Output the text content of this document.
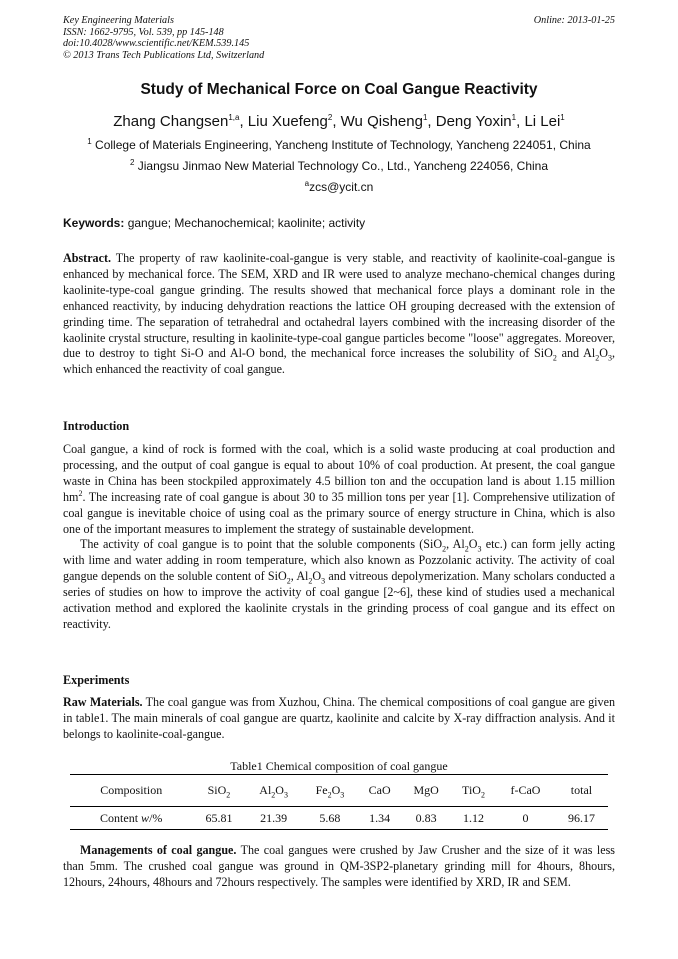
Key Engineering Materials
ISSN: 1662-9795, Vol. 539, pp 145-148
doi:10.4028/www.scientific.net/KEM.539.145
© 2013 Trans Tech Publications Ltd, Switzerland
Online: 2013-01-25
Study of Mechanical Force on Coal Gangue Reactivity
Zhang Changsen$^{1,a}$, Liu Xuefeng$^2$, Wu Qisheng$^1$, Deng Yoxin$^1$, Li Lei$^1$
$^1$ College of Materials Engineering, Yancheng Institute of Technology, Yancheng 224051, China
$^2$ Jiangsu Jinmao New Material Technology Co., Ltd., Yancheng 224056, China
$^a$zcs@ycit.cn
Keywords: gangue; Mechanochemical; kaolinite; activity
Abstract. The property of raw kaolinite-coal-gangue is very stable, and reactivity of kaolinite-coal-gangue is enhanced by mechanical force. The SEM, XRD and IR were used to analyze mechano-chemical changes during kaolinite-type-coal gangue grinding. The results showed that mechanical force plays a dominant role in the enhanced reactivity, by inducing dehydration reactions the lattice OH grouping decreased with the extension of grinding time. The separation of tetrahedral and octahedral layers combined with the increasing disorder of the kaolinite crystal structure, resulting in kaolinite-type-coal gangue particles become "loose" aggregates. Moreover, due to destroy to tight Si-O and Al-O bond, the mechanical force increases the solubility of SiO$_2$ and $Al_2O_3$, which enhanced the reactivity of coal gangue.
Introduction
Coal gangue, a kind of rock is formed with the coal, which is a solid waste producing at coal production and processing, and the output of coal gangue is equal to about 10% of coal production. At present, the coal gangue waste in China has been stockpiled approximately 4.5 billion ton and the occupation land is about 1.15 million $hm^2$. The increasing rate of coal gangue is about 30 to 35 million tons per year [1]. Comprehensive utilization of coal gangue is inevitable choice of using coal as the primary source of energy structure in China, which is also one of the important measures to implement the strategy of sustainable development.
The activity of coal gangue is to point that the soluble components (SiO$_2$, $Al_2O_3$ etc.) can form jelly acting with lime and water adding in room temperature, which also known as Pozzolanic activity. The activity of coal gangue depends on the soluble content of SiO$_2$, $Al_2O_3$ and vitreous depolymerization. Many scholars conducted a series of studies on how to improve the activity of coal gangue [2~6], these kind of studies used a mechanical activation method and explored the kaolinite crystals in the grinding process of coal gangue and its effect on reactivity.
Experiments
Raw Materials. The coal gangue was from Xuzhou, China. The chemical compositions of coal gangue are given in table1. The main minerals of coal gangue are quartz, kaolinite and calcite by X-ray diffraction analysis. And it belongs to kaolinite-coal-gangue.
Table1 Chemical composition of coal gangue
Composition	SiO$_2$	$Al_2O_3$	$Fe_2O_3$	CaO	MgO	TiO$_2$	f-CaO	total
Content w/%	65.81	21.39	5.68	1.34	0.83	1.12	0	96.17
Managements of coal gangue. The coal gangues were crushed by Jaw Crusher and the size of it was less than 5mm. The crushed coal gangue was ground in QM-3SP2-planetary grinding mill for 4hours, 8hours, 12hours, 24hours, 48hours and 72hours respectively. The samples were identified by XRD, IR and SEM.
